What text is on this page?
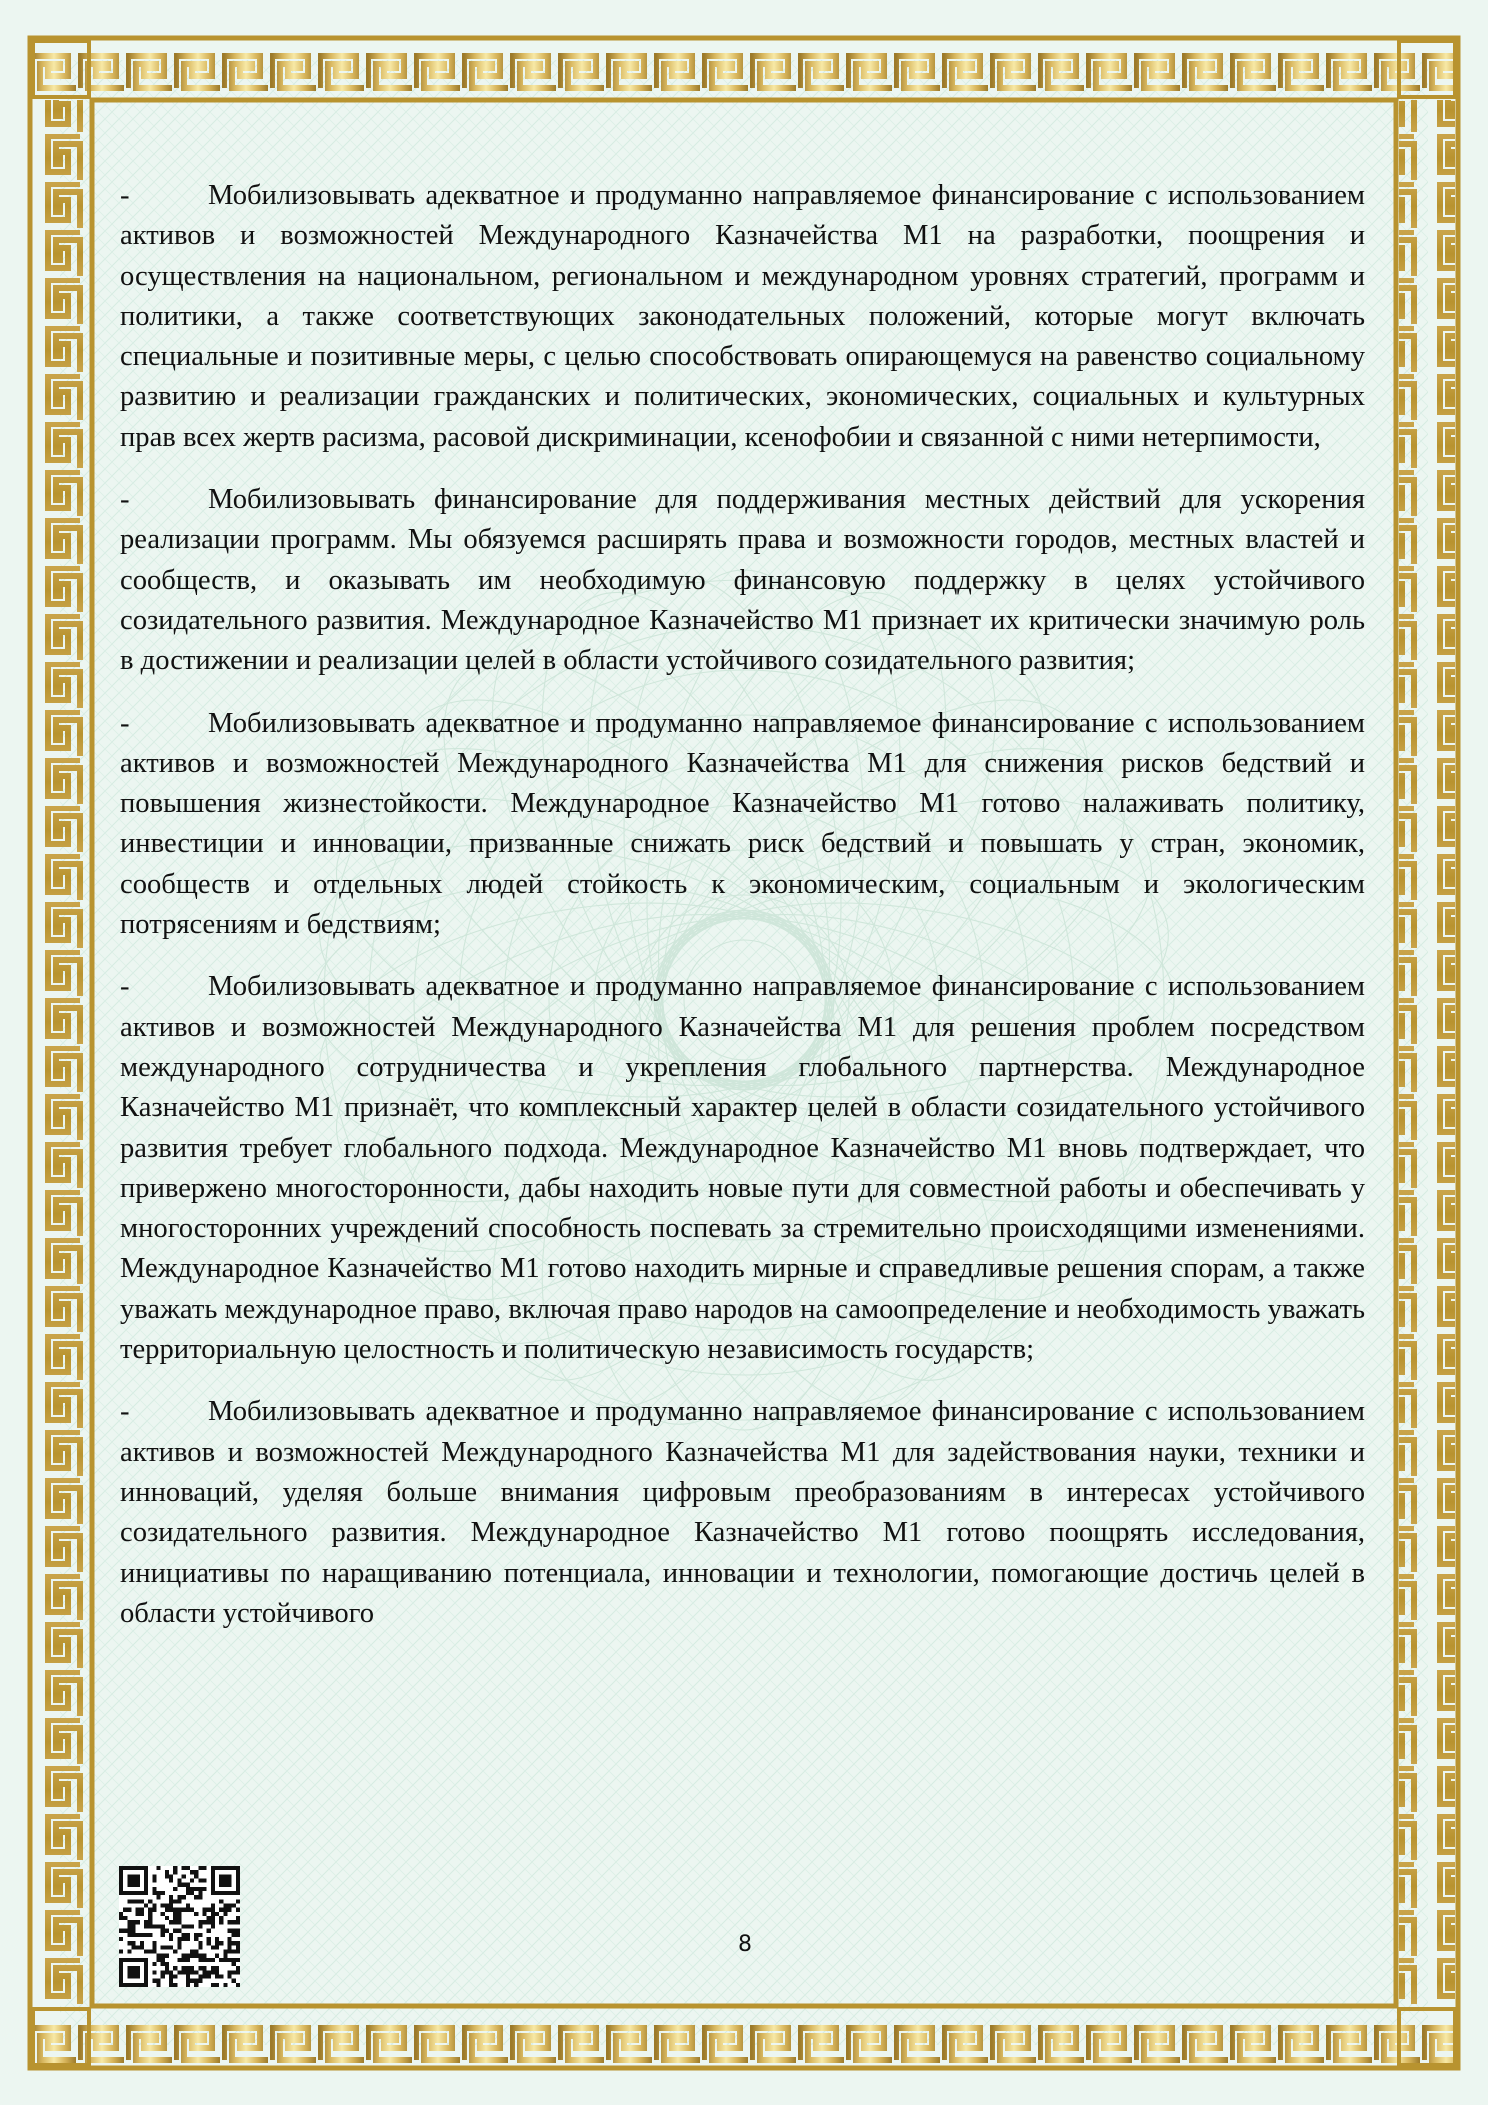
-	Мобилизовывать адекватное и продуманно направляемое финансирование с использованием активов и возможностей Международного Казначейства М1 на разработки, поощрения и осуществления на национальном, региональном и международном уровнях стратегий, программ и политики, а также соответствующих законодательных положений, которые могут включать специальные и позитивные меры, с целью способствовать опирающемуся на равенство социальному развитию и реализации гражданских и политических, экономических, социальных и культурных прав всех жертв расизма, расовой дискриминации, ксенофобии и связанной с ними нетерпимости,

-	Мобилизовывать финансирование для поддерживания местных действий для ускорения реализации программ. Мы обязуемся расширять права и возможности городов, местных властей и сообществ, и оказывать им необходимую финансовую поддержку в целях устойчивого созидательного развития. Международное Казначейство М1 признает их критически значимую роль в достижении и реализации целей в области устойчивого созидательного развития;

-	Мобилизовывать адекватное и продуманно направляемое финансирование с использованием активов и возможностей Международного Казначейства М1 для снижения рисков бедствий и повышения жизнестойкости. Международное Казначейство М1 готово налаживать политику, инвестиции и инновации, призванные снижать риск бедствий и повышать у стран, экономик, сообществ и отдельных людей стойкость к экономическим, социальным и экологическим потрясениям и бедствиям;

-	Мобилизовывать адекватное и продуманно направляемое финансирование с использованием активов и возможностей Международного Казначейства М1 для решения проблем посредством международного сотрудничества и укрепления глобального партнерства. Международное Казначейство М1 признаёт, что комплексный характер целей в области созидательного устойчивого развития требует глобального подхода. Международное Казначейство М1 вновь подтверждает, что привержено многосторонности, дабы находить новые пути для совместной работы и обеспечивать у многосторонних учреждений способность поспевать за стремительно происходящими изменениями. Международное Казначейство М1 готово находить мирные и справедливые решения спорам, а также уважать международное право, включая право народов на самоопределение и необходимость уважать территориальную целостность и политическую независимость государств;

-	Мобилизовывать адекватное и продуманно направляемое финансирование с использованием активов и возможностей Международного Казначейства М1 для задействования науки, техники и инноваций, уделяя больше внимания цифровым преобразованиям в интересах устойчивого созидательного развития. Международное Казначейство М1 готово поощрять исследования, инициативы по наращиванию потенциала, инновации и технологии, помогающие достичь целей в области устойчивого

8
